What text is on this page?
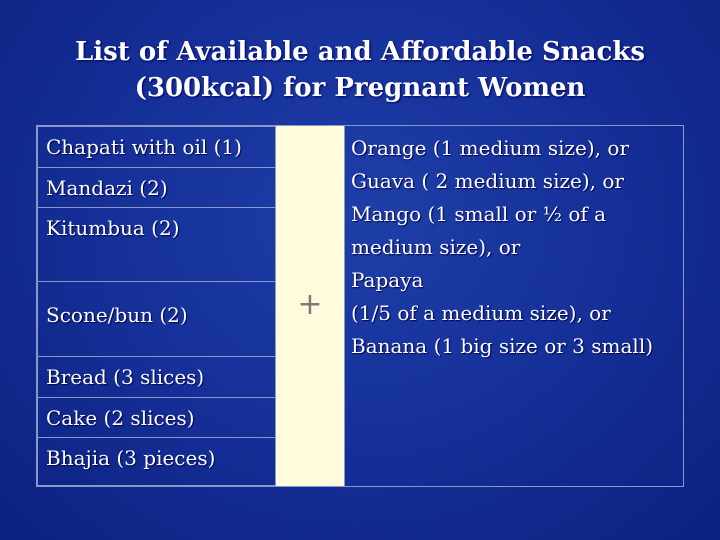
List of Available and Affordable Snacks
(300kcal) for Pregnant Women
Chapati with oil (1)
Mandazi (2)
Kitumbua (2)
Scone/bun (2)
Bread (3 slices)
Cake (2 slices)
Bhajia (3 pieces)
+
Orange (1 medium size), or
Guava ( 2 medium size), or
Mango (1 small or ½ of a
medium size), or
Papaya
(1/5 of a medium size), or
Banana (1 big size or 3 small)
